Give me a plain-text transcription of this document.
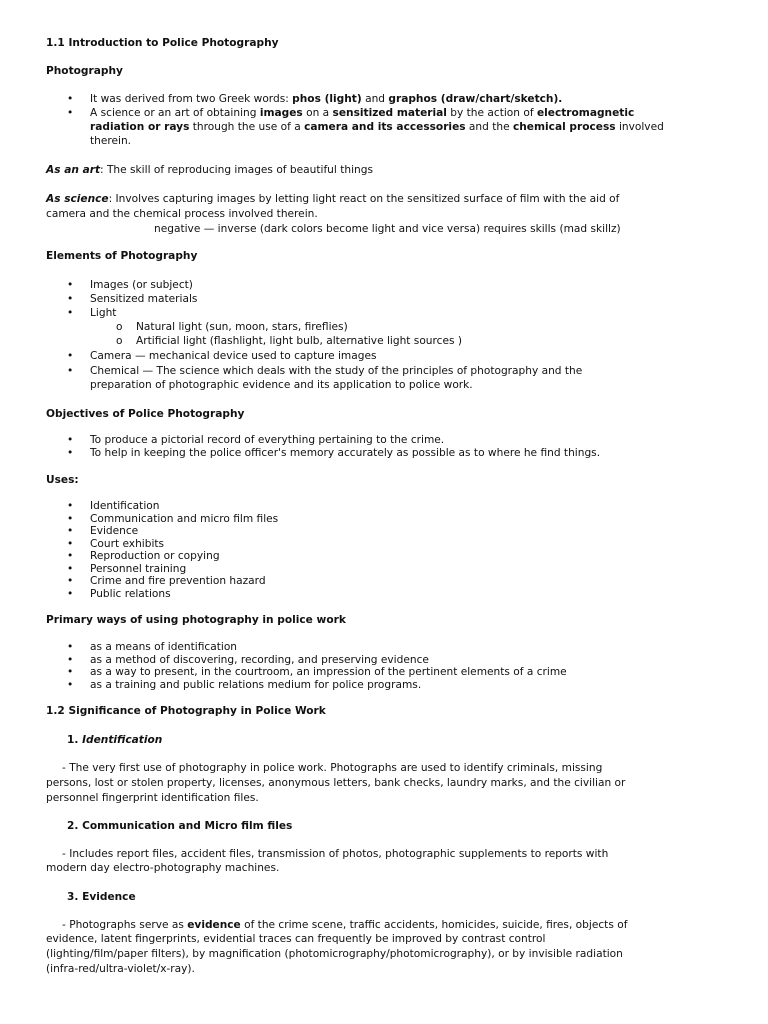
1.1 Introduction to Police Photography
Photography
• It was derived from two Greek words: phos (light) and graphos (draw/chart/sketch).
• A science or an art of obtaining images on a sensitized material by the action of electromagnetic
radiation or rays through the use of a camera and its accessories and the chemical process involved
therein.
As an art: The skill of reproducing images of beautiful things
As science: Involves capturing images by letting light react on the sensitized surface of film with the aid of
camera and the chemical process involved therein.
negative — inverse (dark colors become light and vice versa) requires skills (mad skillz)
Elements of Photography
• Images (or subject)
• Sensitized materials
• Light
o Natural light (sun, moon, stars, fireflies)
o Artificial light (flashlight, light bulb, alternative light sources )
• Camera — mechanical device used to capture images
• Chemical — The science which deals with the study of the principles of photography and the
preparation of photographic evidence and its application to police work.
Objectives of Police Photography
• To produce a pictorial record of everything pertaining to the crime.
• To help in keeping the police officer's memory accurately as possible as to where he find things.
Uses:
• Identification
• Communication and micro film files
• Evidence
• Court exhibits
• Reproduction or copying
• Personnel training
• Crime and fire prevention hazard
• Public relations
Primary ways of using photography in police work
• as a means of identification
• as a method of discovering, recording, and preserving evidence
• as a way to present, in the courtroom, an impression of the pertinent elements of a crime
• as a training and public relations medium for police programs.
1.2 Significance of Photography in Police Work
1. Identification
- The very first use of photography in police work. Photographs are used to identify criminals, missing
persons, lost or stolen property, licenses, anonymous letters, bank checks, laundry marks, and the civilian or
personnel fingerprint identification files.
2. Communication and Micro film files
- Includes report files, accident files, transmission of photos, photographic supplements to reports with
modern day electro-photography machines.
3. Evidence
- Photographs serve as evidence of the crime scene, traffic accidents, homicides, suicide, fires, objects of
evidence, latent fingerprints, evidential traces can frequently be improved by contrast control
(lighting/film/paper filters), by magnification (photomicrography/photomicrography), or by invisible radiation
(infra-red/ultra-violet/x-ray).
